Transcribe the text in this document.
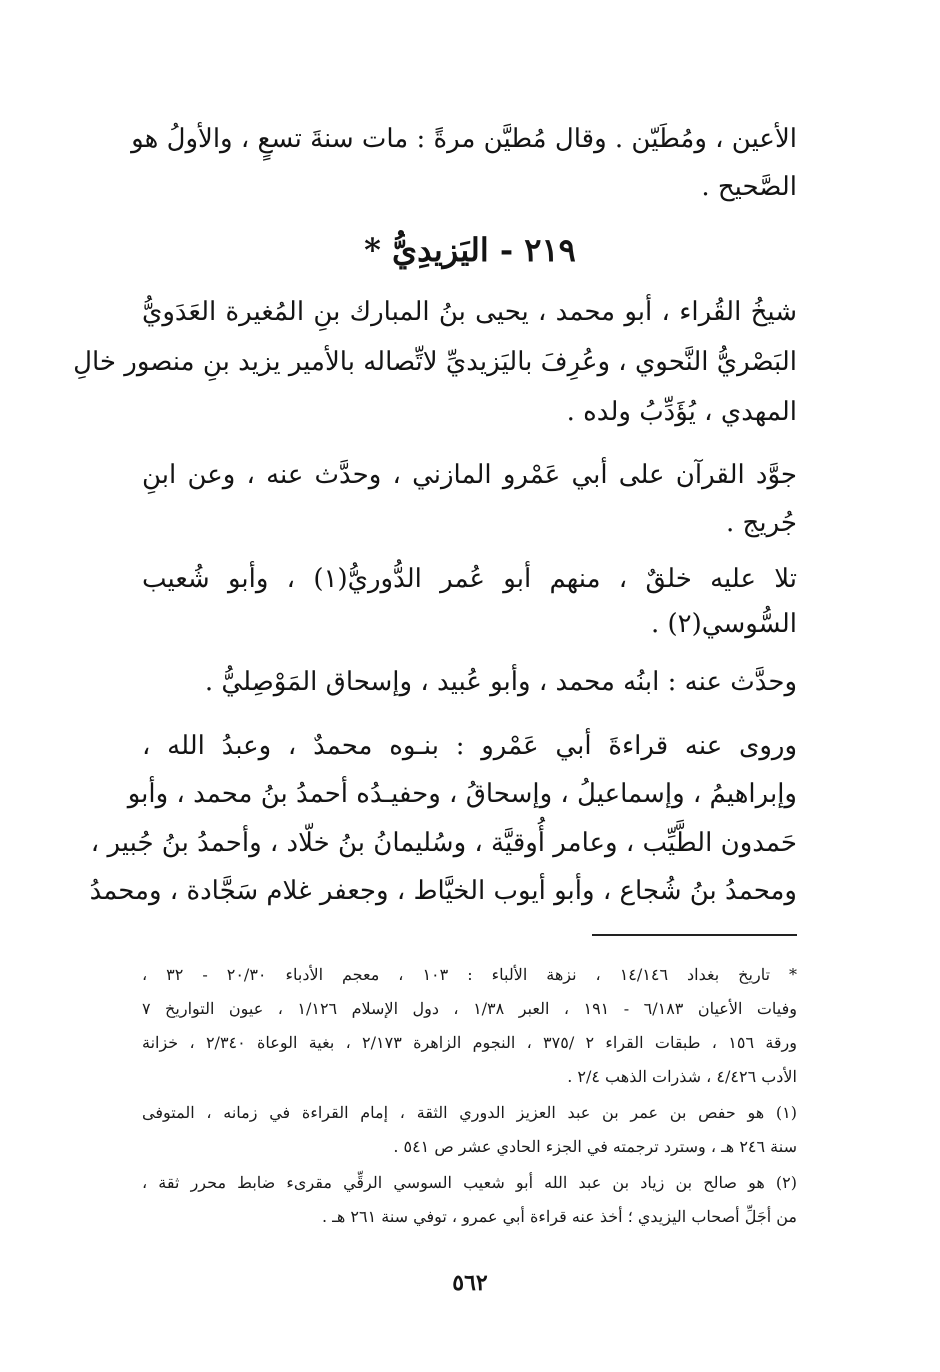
الأعين ، ومُطَيّن . وقال مُطيَّن مرةً : مات سنةَ تسعٍ ، والأولُ هو
الصَّحيح .
٢١٩ - اليَزيدِيُّ *
شيخُ القُراء ، أبو محمد ، يحيى بنُ المبارك بنِ المُغيرة العَدَويُّ
البَصْريُّ النَّحوي ، وعُرِفَ باليَزيديِّ لاتِّصاله بالأمير يزيد بنِ منصور خالِ
المهدي ، يُؤَدِّبُ ولده .
جوَّد القرآن على أبي عَمْرو المازني ، وحدَّث عنه ، وعن ابنِ
جُريج .
تلا عليه خلقٌ ، منهم أبو عُمر الدُّوريُّ(١) ، وأبو شُعيب
السُّوسي(٢) .
وحدَّث عنه : ابنُه محمد ، وأبو عُبيد ، وإسحاق المَوْصِليُّ .
وروى عنه قراءةَ أبي عَمْرو : بنـوه محمدٌ ، وعبدُ الله ،
وإبراهيمُ ، وإسماعيلُ ، وإسحاقُ ، وحفيـدُه أحمدُ بنُ محمد ، وأبو
حَمدون الطَّيِّب ، وعامر أُوقيَّة ، وسُليمانُ بنُ خلّاد ، وأحمدُ بنُ جُبير ،
ومحمدُ بنُ شُجاع ، وأبو أيوب الخيَّاط ، وجعفر غلام سَجَّادة ، ومحمدُ
* تاريخ بغداد ١٤/١٤٦ ، نزهة الألباء : ١٠٣ ، معجم الأدباء ٢٠/٣٠ - ٣٢ ،
وفيات الأعيان ٦/١٨٣ - ١٩١ ، العبر ١/٣٨ ، دول الإسلام ١/١٢٦ ، عيون التواريخ ٧
ورقة ١٥٦ ، طبقات القراء ٢ /٣٧٥ ، النجوم الزاهرة ٢/١٧٣ ، بغية الوعاة ٢/٣٤٠ ، خزانة
الأدب ٤/٤٢٦ ، شذرات الذهب ٢/٤ .
(١) هو حفص بن عمر بن عبد العزيز الدوري الثقة ، إمام القراءة في زمانه ، المتوفى
سنة ٢٤٦ هـ ، وسترد ترجمته في الجزء الحادي عشر ص ٥٤١ .
(٢) هو صالح بن زياد بن عبد الله أبو شعيب السوسي الرقِّي مقرىء ضابط محرر ثقة ،
من أجَلِّ أصحاب اليزيدي ؛ أخذ عنه قراءة أبي عمرو ، توفي سنة ٢٦١ هـ .
٥٦٢
